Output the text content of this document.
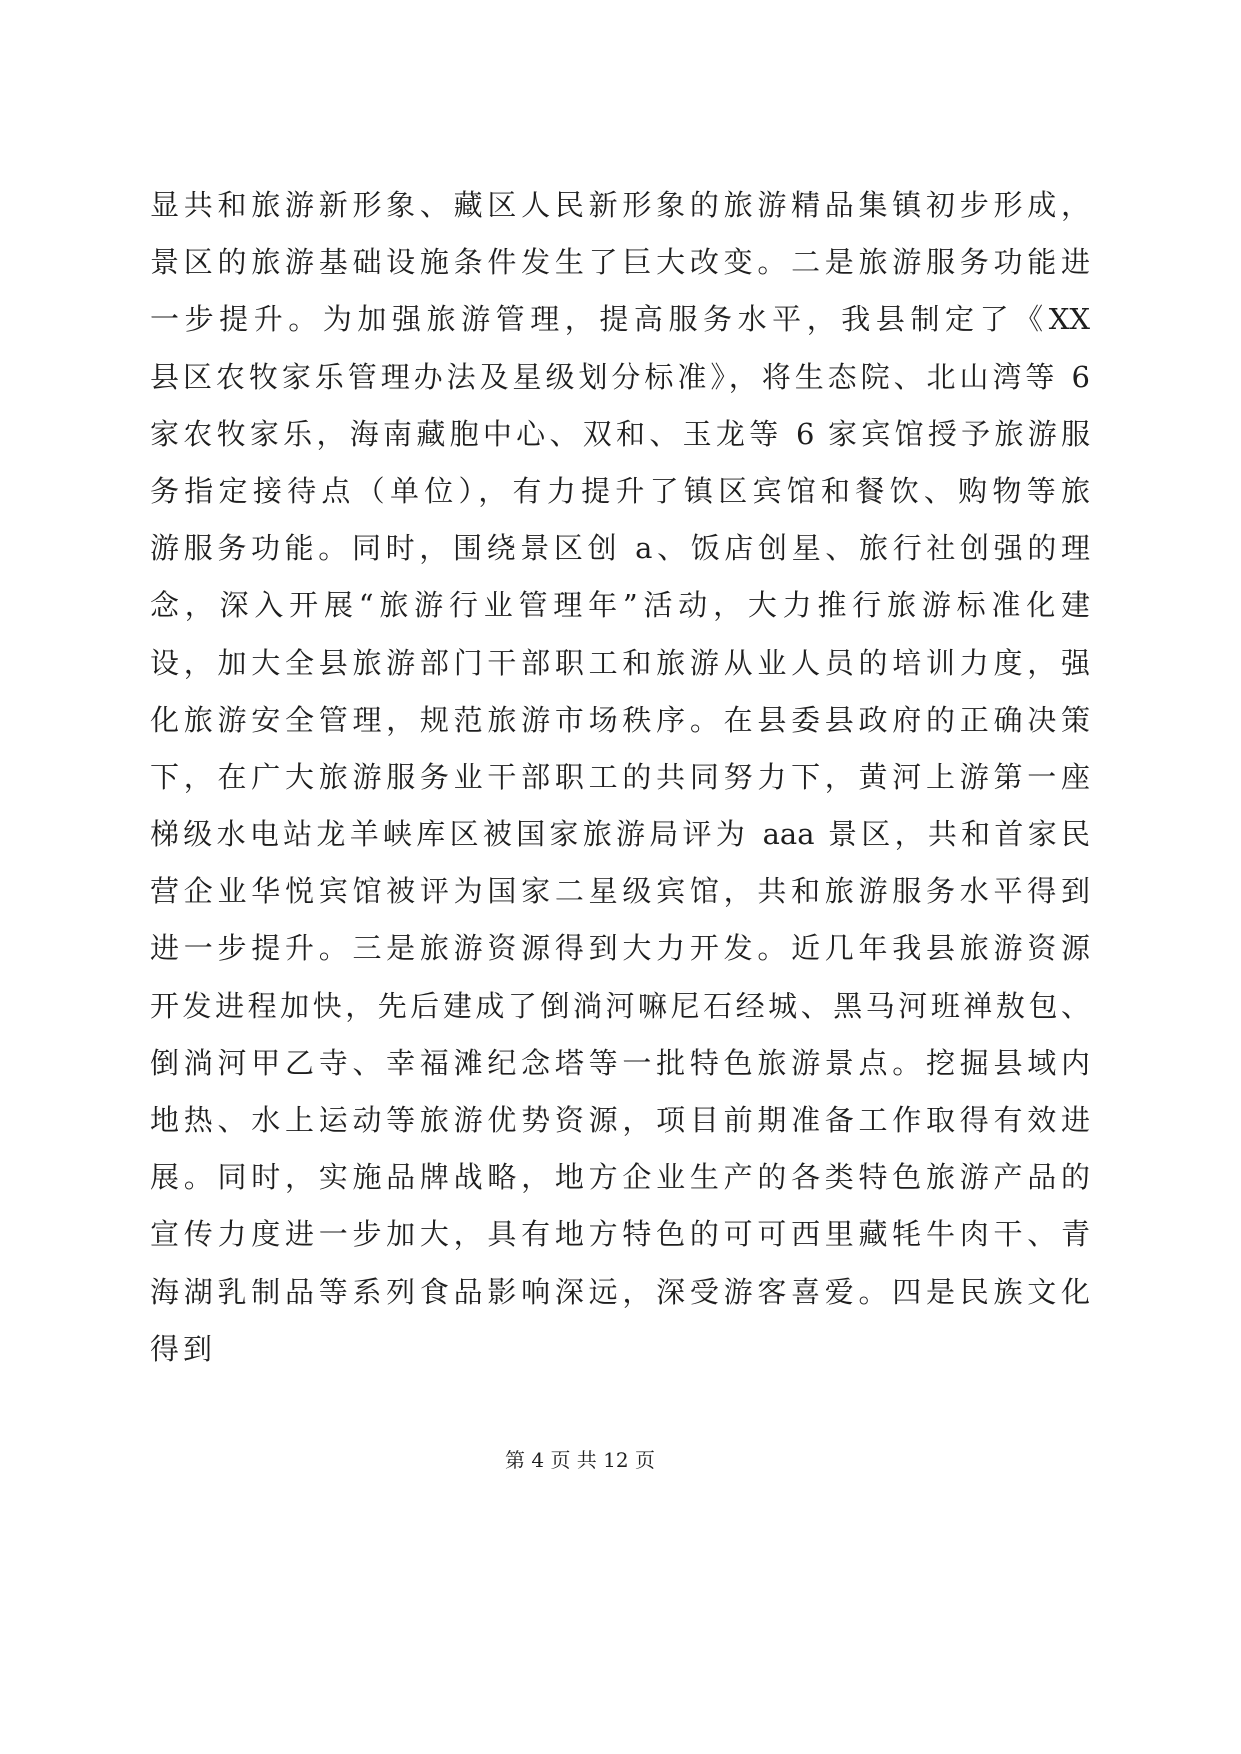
显共和旅游新形象、藏区人民新形象的旅游精品集镇初步形成，
景区的旅游基础设施条件发生了巨大改变。二是旅游服务功能进
一步提升。为加强旅游管理，提高服务水平，我县制定了《XX
县区农牧家乐管理办法及星级划分标准》，将生态院、北山湾等 6
家农牧家乐，海南藏胞中心、双和、玉龙等 6 家宾馆授予旅游服
务指定接待点（单位），有力提升了镇区宾馆和餐饮、购物等旅
游服务功能。同时，围绕景区创 a、饭店创星、旅行社创强的理
念，深入开展“旅游行业管理年”活动，大力推行旅游标准化建
设，加大全县旅游部门干部职工和旅游从业人员的培训力度，强
化旅游安全管理，规范旅游市场秩序。在县委县政府的正确决策
下，在广大旅游服务业干部职工的共同努力下，黄河上游第一座
梯级水电站龙羊峡库区被国家旅游局评为 aaa 景区，共和首家民
营企业华悦宾馆被评为国家二星级宾馆，共和旅游服务水平得到
进一步提升。三是旅游资源得到大力开发。近几年我县旅游资源
开发进程加快，先后建成了倒淌河嘛尼石经城、黑马河班禅敖包、
倒淌河甲乙寺、幸福滩纪念塔等一批特色旅游景点。挖掘县域内
地热、水上运动等旅游优势资源，项目前期准备工作取得有效进
展。同时，实施品牌战略，地方企业生产的各类特色旅游产品的
宣传力度进一步加大，具有地方特色的可可西里藏牦牛肉干、青
海湖乳制品等系列食品影响深远，深受游客喜爱。四是民族文化
得到
第 4 页 共 12 页
